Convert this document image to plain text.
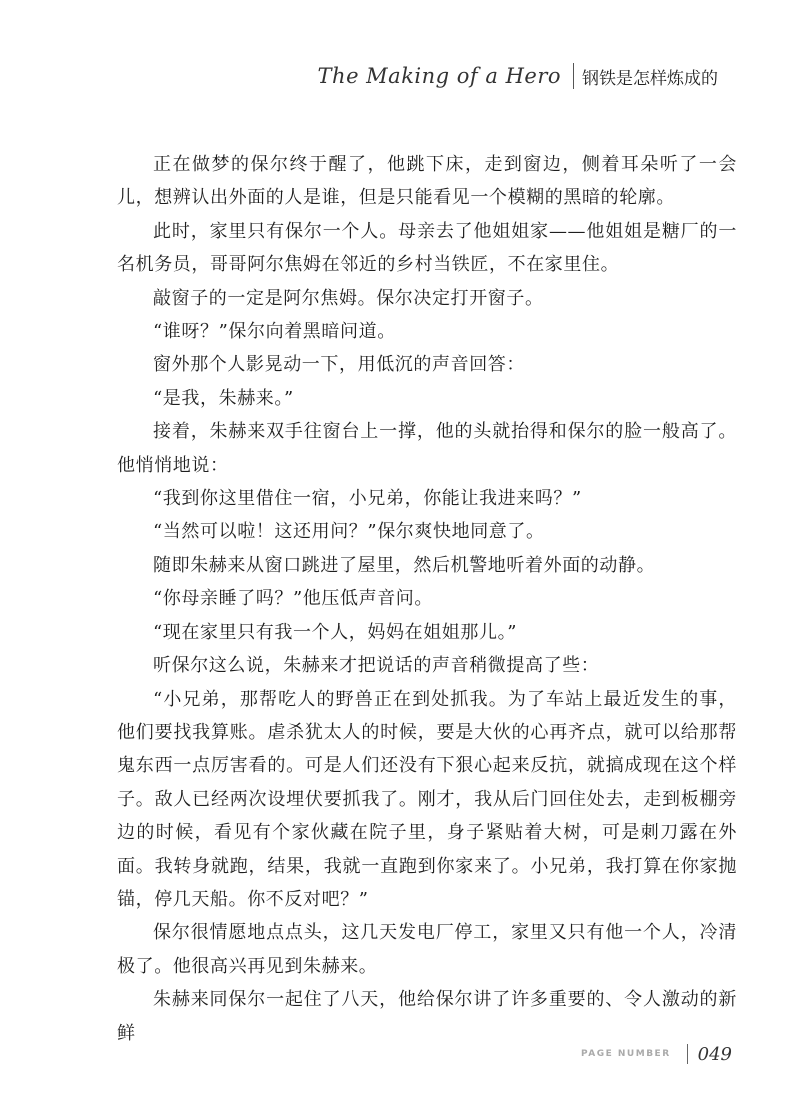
The Making of a Hero 钢铁是怎样炼成的

正在做梦的保尔终于醒了，他跳下床，走到窗边，侧着耳朵听了一会儿，想辨认出外面的人是谁，但是只能看见一个模糊的黑暗的轮廓。

此时，家里只有保尔一个人。母亲去了他姐姐家——他姐姐是糖厂的一名机务员，哥哥阿尔焦姆在邻近的乡村当铁匠，不在家里住。

敲窗子的一定是阿尔焦姆。保尔决定打开窗子。

“谁呀？”保尔向着黑暗问道。

窗外那个人影晃动一下，用低沉的声音回答：

“是我，朱赫来。”

接着，朱赫来双手往窗台上一撑，他的头就抬得和保尔的脸一般高了。他悄悄地说：

“我到你这里借住一宿，小兄弟，你能让我进来吗？”

“当然可以啦！这还用问？”保尔爽快地同意了。

随即朱赫来从窗口跳进了屋里，然后机警地听着外面的动静。

“你母亲睡了吗？”他压低声音问。

“现在家里只有我一个人，妈妈在姐姐那儿。”

听保尔这么说，朱赫来才把说话的声音稍微提高了些：

“小兄弟，那帮吃人的野兽正在到处抓我。为了车站上最近发生的事，他们要找我算账。虐杀犹太人的时候，要是大伙的心再齐点，就可以给那帮鬼东西一点厉害看的。可是人们还没有下狠心起来反抗，就搞成现在这个样子。敌人已经两次设埋伏要抓我了。刚才，我从后门回住处去，走到板棚旁边的时候，看见有个家伙藏在院子里，身子紧贴着大树，可是刺刀露在外面。我转身就跑，结果，我就一直跑到你家来了。小兄弟，我打算在你家抛锚，停几天船。你不反对吧？”

保尔很情愿地点点头，这几天发电厂停工，家里又只有他一个人，冷清极了。他很高兴再见到朱赫来。

朱赫来同保尔一起住了八天，他给保尔讲了许多重要的、令人激动的新鲜

PAGE NUMBER 049
